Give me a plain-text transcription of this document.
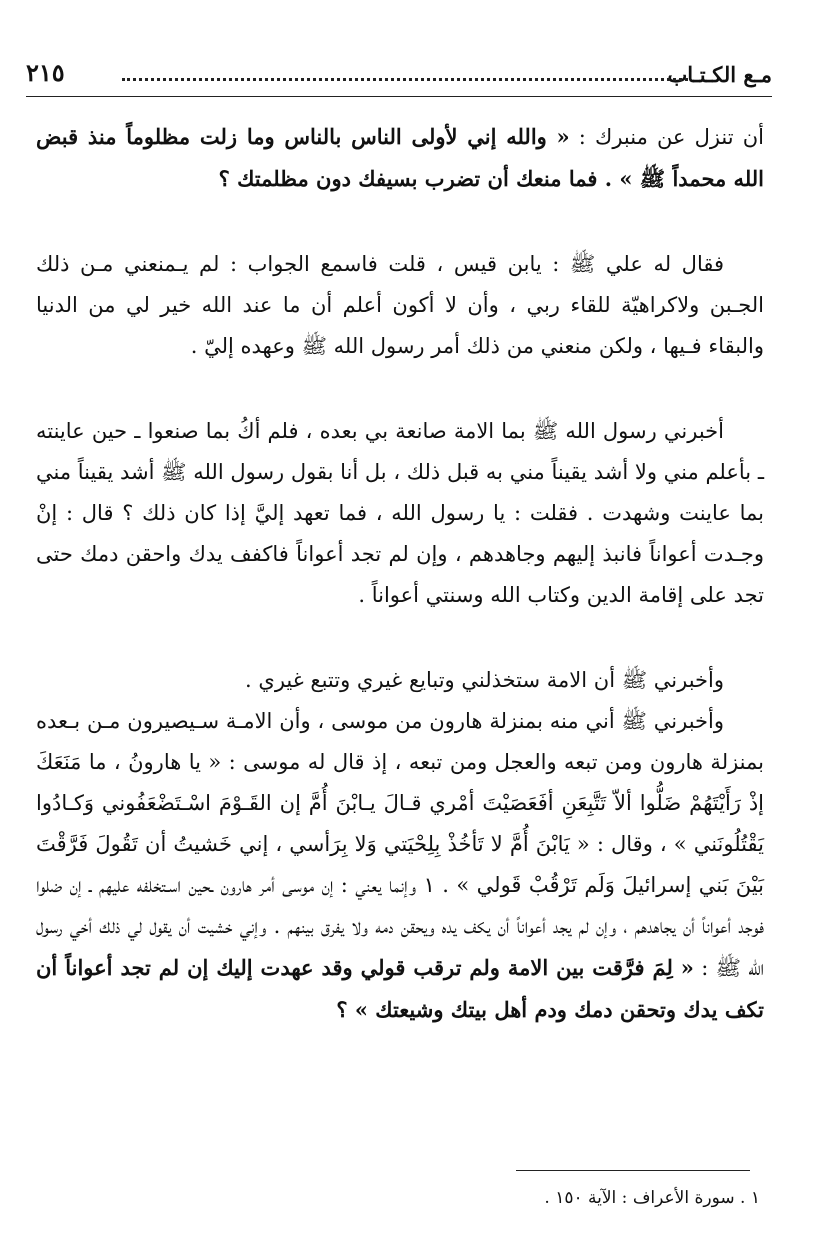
مـع الكـتـاب
٢١٥

أن تنزل عن منبرك : « والله إني لأولى الناس بالناس وما زلت مظلوماً منذ قبض الله محمداً ﷺ » . فما منعك أن تضرب بسيفك دون مظلمتك ؟

فقال له علي ﷺ : يابن قيس ، قلت فاسمع الجواب : لم يـمنعني مـن ذلك الجـبن ولاكراهيّة للقاء ربي ، وأن لا أكون أعلم أن ما عند الله خير لي من الدنيا والبقاء فـيها ، ولكن منعني من ذلك أمر رسول الله ﷺ وعهده إليّ .

أخبرني رسول الله ﷺ بما الامة صانعة بي بعده ، فلم أكُ بما صنعوا ـ حين عاينته ـ بأعلم مني ولا أشد يقيناً مني به قبل ذلك ، بل أنا بقول رسول الله ﷺ أشد يقيناً مني بما عاينت وشهدت . فقلت : يا رسول الله ، فما تعهد إليَّ إذا كان ذلك ؟ قال : إنْ وجـدت أعواناً فانبذ إليهم وجاهدهم ، وإن لم تجد أعواناً فاكفف يدك واحقن دمك حتى تجد على إقامة الدين وكتاب الله وسنتي أعواناً .

وأخبرني ﷺ أن الامة ستخذلني وتبايع غيري وتتبع غيري .

وأخبرني ﷺ أني منه بمنزلة هارون من موسى ، وأن الامـة سـيصيرون مـن بـعده بمنزلة هارون ومن تبعه والعجل ومن تبعه ، إذ قال له موسى : « يا هارونُ ، ما مَنَعَكَ إذْ رَأَيْتَهُمْ ضَلُّوا ألاّ تَتَّبِعَنِ أفَعَصَيْتَ أمْري قـالَ يـابْنَ أُمَّ إن القَـوْمَ اسْـتَضْعَفُوني وَكـادُوا يَقْتُلُونَني » ، وقال : « يَابْنَ أُمَّ لا تَأخُذْ بِلِحْيَتي وَلا بِرَأسي ، إني خَشيتُ أن تَقُولَ فَرَّقْتَ بَيْنَ بَني إسرائيلَ وَلَم تَرْقُبْ قَولي » . ١ وإنما يعني : إن موسى أمر هارون ـحين اسـتخلفه عليهم ـ إن ضلوا فوجد أعواناً أن يجاهدهم ، وإن لم يجد أعواناً أن يكف يده ويحقن دمه ولا يفرق بينهم . وإني خشيت أن يقول لي ذلك أخي رسول الله ﷺ : « لِمَ فرَّقت بين الامة ولم ترقب قولي وقد عهدت إليك إن لم تجد أعواناً أن تكف يدك وتحقن دمك ودم أهل بيتك وشيعتك » ؟

١ . سورة الأعراف : الآية ١٥٠ .
